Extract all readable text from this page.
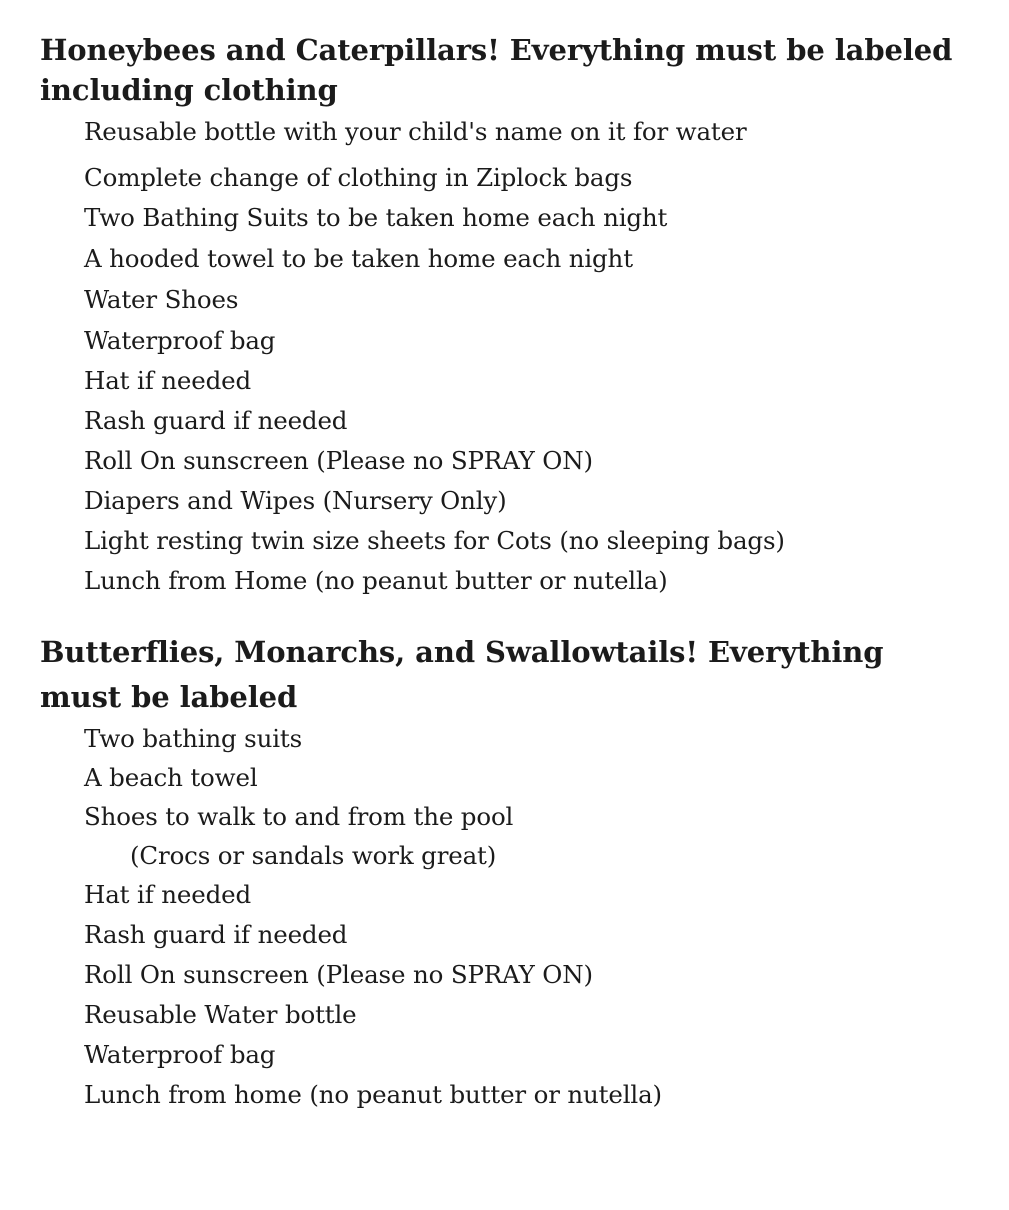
Honeybees and Caterpillars! Everything must be labeled
including clothing
Reusable bottle with your child's name on it for water
Complete change of clothing in Ziplock bags
Two Bathing Suits to be taken home each night
A hooded towel to be taken home each night
Water Shoes
Waterproof bag
Hat if needed
Rash guard if needed
Roll On sunscreen (Please no SPRAY ON)
Diapers and Wipes (Nursery Only)
Light resting twin size sheets for Cots (no sleeping bags)
Lunch from Home (no peanut butter or nutella)
Butterflies, Monarchs, and Swallowtails! Everything
must be labeled
Two bathing suits
A beach towel
Shoes to walk to and from the pool
(Crocs or sandals work great)
Hat if needed
Rash guard if needed
Roll On sunscreen (Please no SPRAY ON)
Reusable Water bottle
Waterproof bag
Lunch from home (no peanut butter or nutella)
